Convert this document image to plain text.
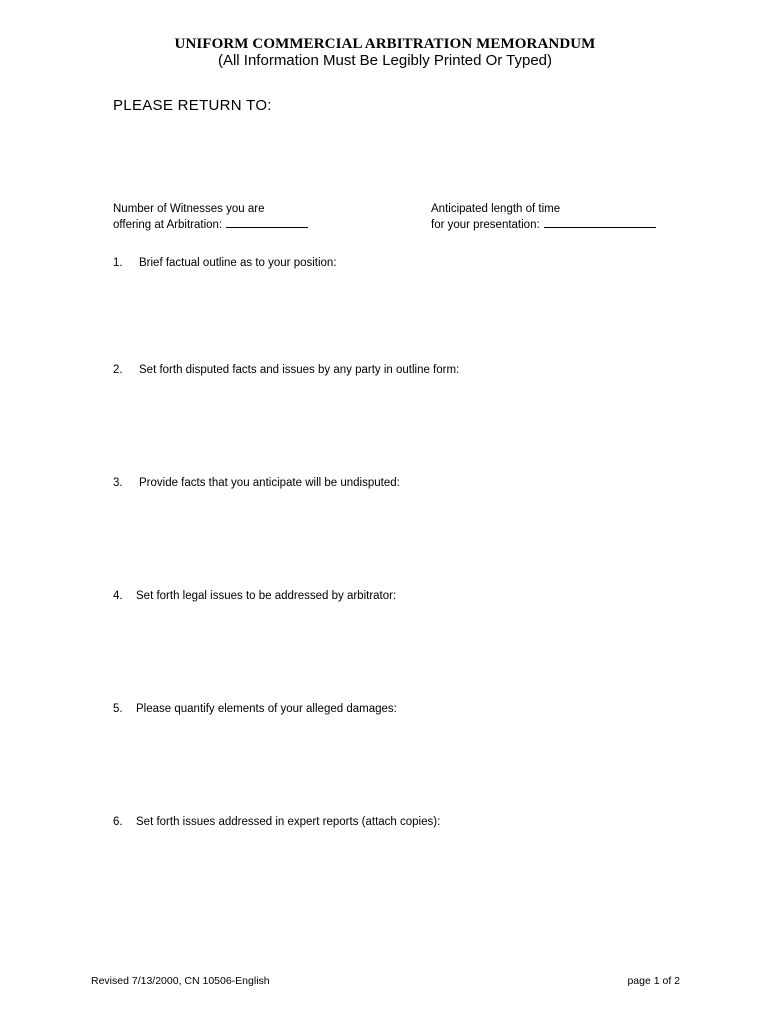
UNIFORM COMMERCIAL ARBITRATION MEMORANDUM
(All Information Must Be Legibly Printed Or Typed)
PLEASE RETURN TO:
Number of Witnesses you are
offering at Arbitration:
Anticipated length of time
for your presentation:
1. Brief factual outline as to your position:
2. Set forth disputed facts and issues by any party in outline form:
3. Provide facts that you anticipate will be undisputed:
4. Set forth legal issues to be addressed by arbitrator:
5. Please quantify elements of your alleged damages:
6. Set forth issues addressed in expert reports (attach copies):
Revised 7/13/2000, CN 10506-English	page 1 of 2
